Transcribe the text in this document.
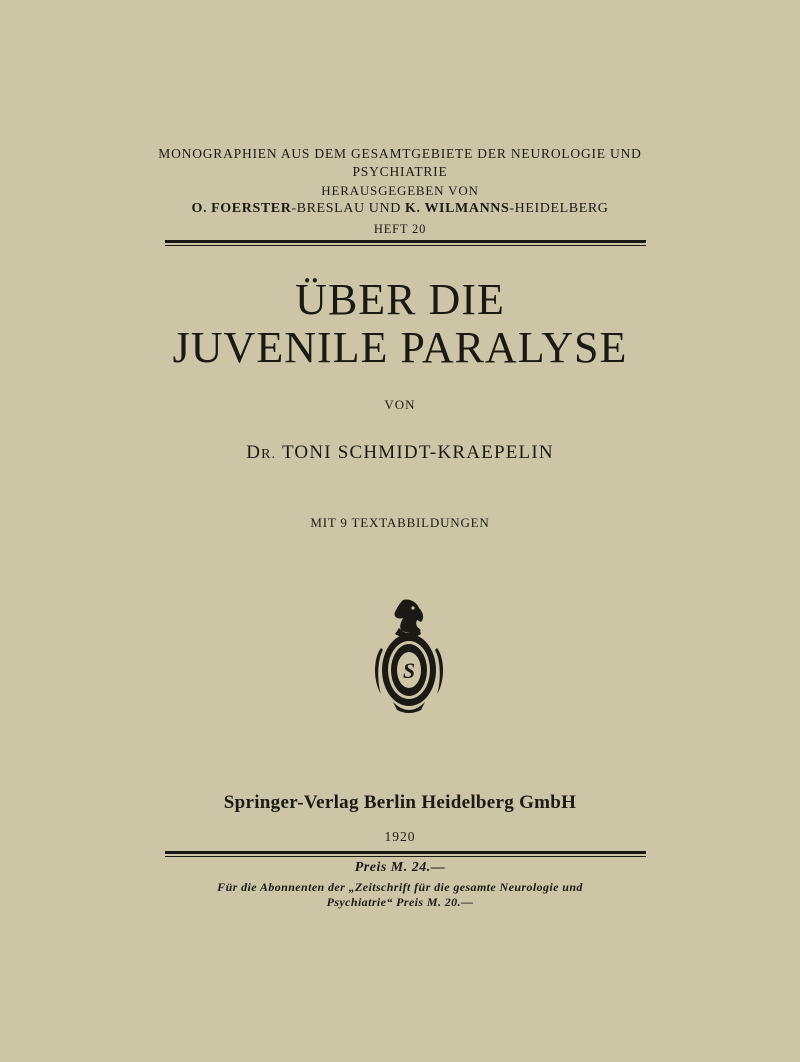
MONOGRAPHIEN AUS DEM GESAMTGEBIETE DER NEUROLOGIE UND
PSYCHIATRIE
HERAUSGEGEBEN VON
O. FOERSTER-BRESLAU UND K. WILMANNS-HEIDELBERG
HEFT 20
ÜBER DIE
JUVENILE PARALYSE
VON
DR. TONI SCHMIDT-KRAEPELIN
MIT 9 TEXTABBILDUNGEN
S
Springer-Verlag Berlin Heidelberg GmbH
1920
Preis M. 24.—
Für die Abonnenten der „Zeitschrift für die gesamte Neurologie und
Psychiatrie“ Preis M. 20.—
